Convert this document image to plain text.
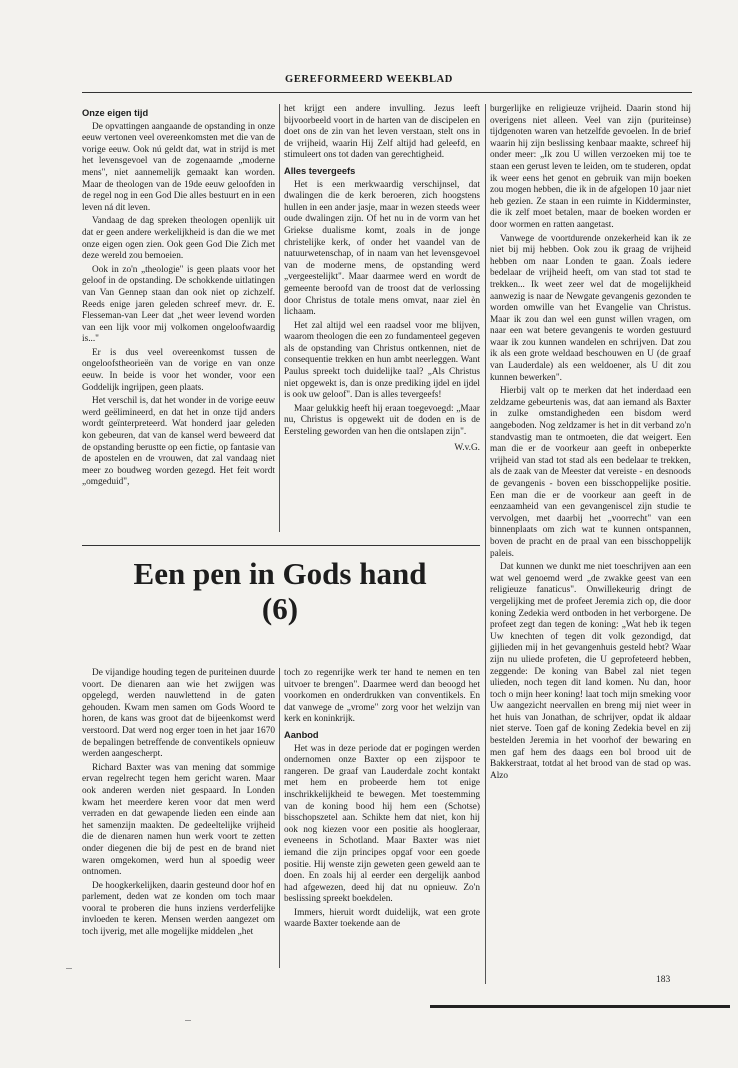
GEREFORMEERD WEEKBLAD
Onze eigen tijd

De opvattingen aangaande de opstanding in onze eeuw vertonen veel overeenkomsten met die van de vorige eeuw. Ook nú geldt dat, wat in strijd is met het levensgevoel van de zogenaamde „moderne mens", niet aannemelijk gemaakt kan worden. Maar de theologen van de 19de eeuw geloofden in de regel nog in een God Die alles bestuurt en in een leven ná dit leven.

Vandaag de dag spreken theologen openlijk uit dat er geen andere werkelijkheid is dan die we met onze eigen ogen zien. Ook geen God Die Zich met deze wereld zou bemoeien.

Ook in zo'n „theologie" is geen plaats voor het geloof in de opstanding. De schokkende uitlatingen van Van Gennep staan dan ook niet op zichzelf. Reeds enige jaren geleden schreef mevr. dr. E. Flesseman-van Leer dat „het weer levend worden van een lijk voor mij volkomen ongeloofwaardig is..."

Er is dus veel overeenkomst tussen de ongeloofstheorieën van de vorige en van onze eeuw. In beide is voor het wonder, voor een Goddelijk ingrijpen, geen plaats.

Het verschil is, dat het wonder in de vorige eeuw werd geëlimineerd, en dat het in onze tijd anders wordt geïnterpreteerd. Wat honderd jaar geleden kon gebeuren, dat van de kansel werd beweerd dat de opstanding berustte op een fictie, op fantasie van de apostelen en de vrouwen, dat zal vandaag niet meer zo boudweg worden gezegd. Het feit wordt „omgeduid",

het krijgt een andere invulling. Jezus leeft bijvoorbeeld voort in de harten van de discipelen en doet ons de zin van het leven verstaan, stelt ons in de vrijheid, waarin Hij Zelf altijd had geleefd, en stimuleert ons tot daden van gerechtigheid.

Alles tevergeefs

Het is een merkwaardig verschijnsel, dat dwalingen die de kerk beroeren, zich hoogstens hullen in een ander jasje, maar in wezen steeds weer oude dwalingen zijn. Of het nu in de vorm van het Griekse dualisme komt, zoals in de jonge christelijke kerk, of onder het vaandel van de natuurwetenschap, of in naam van het levensgevoel van de moderne mens, de opstanding werd „vergeestelijkt". Maar daarmee werd en wordt de gemeente beroofd van de troost dat de verlossing door Christus de totale mens omvat, naar ziel èn lichaam.

Het zal altijd wel een raadsel voor me blijven, waarom theologen die een zo fundamenteel gegeven als de opstanding van Christus ontkennen, niet de consequentie trekken en hun ambt neerleggen. Want Paulus spreekt toch duidelijke taal? „Als Christus niet opgewekt is, dan is onze prediking ijdel en ijdel is ook uw geloof". Dan is alles tevergeefs!

Maar gelukkig heeft hij eraan toegevoegd: „Maar nu, Christus is opgewekt uit de doden en is de Eersteling geworden van hen die ontslapen zijn".

W.v.G.
Een pen in Gods hand
(6)

burgerlijke en religieuze vrijheid. Daarin stond hij overigens niet alleen. Veel van zijn (puriteinse) tijdgenoten waren van hetzelfde gevoelen. In de brief waarin hij zijn beslissing kenbaar maakte, schreef hij onder meer: „Ik zou U willen verzoeken mij toe te staan een gerust leven te leiden, om te studeren, opdat ik weer eens het genot en gebruik van mijn boeken zou mogen hebben, die ik in de afgelopen 10 jaar niet heb gezien. Ze staan in een ruimte in Kidderminster, die ik zelf moet betalen, maar de boeken worden er door wormen en ratten aangetast.

Vanwege de voortdurende onzekerheid kan ik ze niet bij mij hebben. Ook zou ik graag de vrijheid hebben om naar Londen te gaan. Zoals iedere bedelaar de vrijheid heeft, om van stad tot stad te trekken... Ik weet zeer wel dat de mogelijkheid aanwezig is naar de Newgate gevangenis gezonden te worden omwille van het Evangelie van Christus. Maar ik zou dan wel een gunst willen vragen, om naar een wat betere gevangenis te worden gestuurd waar ik zou kunnen wandelen en schrijven. Dat zou ik als een grote weldaad beschouwen en U (de graaf van Lauderdale) als een weldoener, als U dit zou kunnen bewerken".

Hierbij valt op te merken dat het inderdaad een zeldzame gebeurtenis was, dat aan iemand als Baxter in zulke omstandigheden een bisdom werd aangeboden. Nog zeldzamer is het in dit verband zo'n standvastig man te ontmoeten, die dat weigert. Een man die er de voorkeur aan geeft in onbeperkte vrijheid van stad tot stad als een bedelaar te trekken, als de zaak van de Meester dat vereiste - en desnoods de gevangenis - boven een bisschoppelijke positie. Een man die er de voorkeur aan geeft in de eenzaamheid van een gevangeniscel zijn studie te vervolgen, met daarbij het „voorrecht" van een binnenplaats om zich wat te kunnen ontspannen, boven de pracht en de praal van een bisschoppelijk paleis.

Dat kunnen we dunkt me niet toeschrijven aan een wat wel genoemd werd „de zwakke geest van een religieuze fanaticus". Onwillekeurig dringt de vergelijking met de profeet Jeremia zich op, die door koning Zedekia werd ontboden in het verborgene. De profeet zegt dan tegen de koning: „Wat heb ik tegen Uw knechten of tegen dit volk gezondigd, dat gijlieden mij in het gevangenhuis gesteld hebt? Waar zijn nu uliede profeten, die U geprofeteerd hebben, zeggende: De koning van Babel zal niet tegen uliedеn, noch tegen dit land komen. Nu dan, hoor toch o mijn heer koning! laat toch mijn smeking voor Uw aangezicht neervallen en breng mij niet weer in het huis van Jonathan, de schrijver, opdat ik aldaar niet sterve. Toen gaf de koning Zedekia bevel en zij bestelden Jeremia in het voorhof der bewaring en men gaf hem des daags een bol brood uit de Bakkerstraat, totdat al het brood van de stad op was. Alzo

De vijandige houding tegen de puriteinen duurde voort. De dienaren aan wie het zwijgen was opgelegd, werden nauwlettend in de gaten gehouden. Kwam men samen om Gods Woord te horen, de kans was groot dat de bijeenkomst werd verstoord. Dat werd nog erger toen in het jaar 1670 de bepalingen betreffende de conventikels opnieuw werden aangescherpt.

Richard Baxter was van mening dat sommige ervan regelrecht tegen hem gericht waren. Maar ook anderen werden niet gespaard. In Londen kwam het meerdere keren voor dat men werd verraden en dat gewapende lieden een einde aan het samenzijn maakten. De gedeeltelijke vrijheid die de dienaren namen hun werk voort te zetten onder diegenen die bij de pest en de brand niet waren omgekomen, werd hun al spoedig weer ontnomen.

De hoogkerkelijken, daarin gesteund door hof en parlement, deden wat ze konden om toch maar vooral te proberen die huns inziens verderfelijke invloeden te keren. Mensen werden aangezet om toch ijverig, met alle mogelijke middelen „het

toch zo regenrijke werk ter hand te nemen en ten uitvoer te brengen". Daarmee werd dan beoogd het voorkomen en onderdrukken van conventikels. En dat vanwege de „vrome" zorg voor het welzijn van kerk en koninkrijk.

Aanbod

Het was in deze periode dat er pogingen werden ondernomen onze Baxter op een zijspoor te rangeren. De graaf van Lauderdale zocht kontakt met hem en probeerde hem tot enige inschrikkelijkheid te bewegen. Met toestemming van de koning bood hij hem een (Schotse) bisschopszetel aan. Schikte hem dat niet, kon hij ook nog kiezen voor een positie als hoogleraar, eveneens in Schotland. Maar Baxter was niet iemand die zijn principes opgaf voor een goede positie. Hij wenste zijn geweten geen geweld aan te doen. En zoals hij al eerder een dergelijk aanbod had afgewezen, deed hij dat nu opnieuw. Zo'n beslissing spreekt boekdelen.

Immers, hieruit wordt duidelijk, wat een grote waarde Baxter toekende aan de

183
